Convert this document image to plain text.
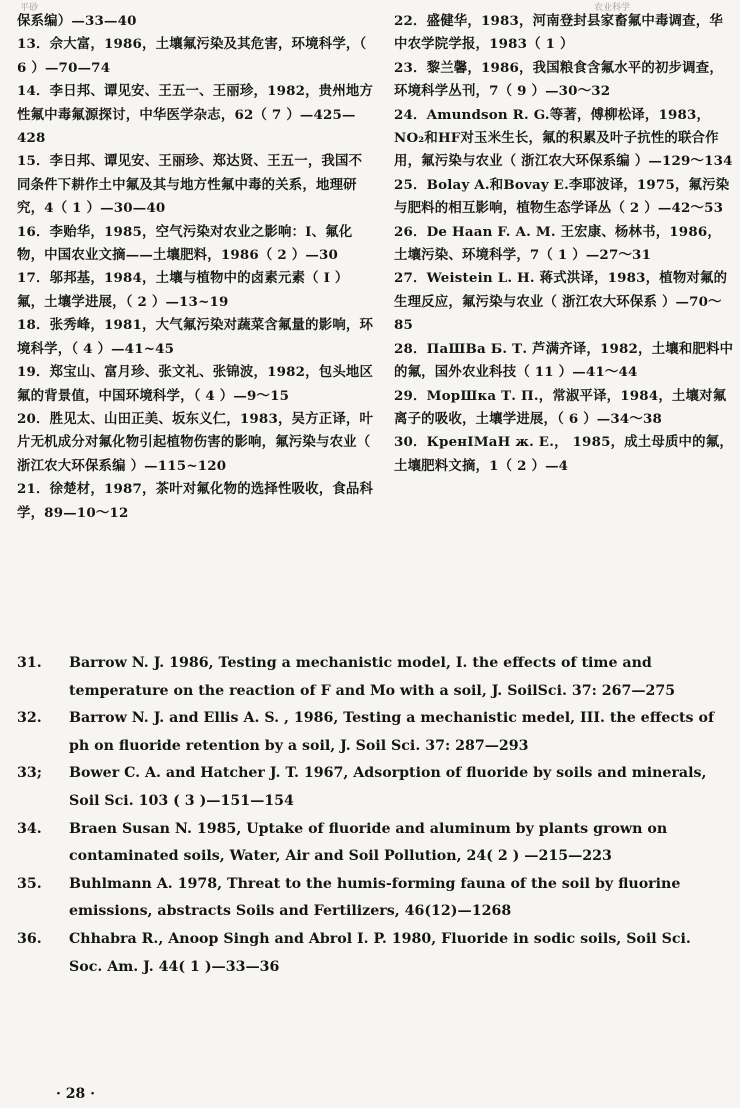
平砂	农业科学

保系编）—33—40

13．佘大富，1986，土壤氟污染及其危害，环境科学，（ 6 ）—70—74

14．李日邦、谭见安、王五一、王丽珍，1982，贵州地方性氟中毒氟源探讨，中华医学杂志，62（ 7 ）—425—428

15．李日邦、谭见安、王丽珍、郑达贤、王五一，我国不同条件下耕作土中氟及其与地方性氟中毒的关系，地理研究，4（ 1 ）—30—40

16．李贻华，1985，空气污染对农业之影响：Ⅰ、氟化物，中国农业文摘——土壤肥料，1986（ 2 ）—30

17．邬邦基，1984，土壤与植物中的卤素元素（ I ）氟，土壤学进展，（ 2 ）—13~19

18．张秀峰，1981，大气氟污染对蔬菜含氟量的影响，环境科学，（ 4 ）—41~45

19．郑宝山、富月珍、张文礼、张锦波，1982，包头地区氟的背景值，中国环境科学，（ 4 ）—9～15

20．胜见太、山田正美、坂东义仁，1983，吴方正译，叶片无机成分对氟化物引起植物伤害的影响，氟污染与农业（ 浙江农大环保系编 ）—115~120

21．徐楚材，1987，茶叶对氟化物的选择性吸收，食品科学，89—10～12

22．盛健华，1983，河南登封县家畜氟中毒调查，华中农学院学报，1983（ 1 ）

23．黎兰馨，1986，我国粮食含氟水平的初步调查，环境科学丛刊，7（ 9 ）—30～32

24．Amundson R. G.等著，傅柳松译，1983，NO₂和HF对玉米生长，氟的积累及叶子抗性的联合作用，氟污染与农业（ 浙江农大环保系编 ）—129～134

25．Bolay A.和Bovay E.李耶波译，1975，氟污染与肥料的相互影响，植物生态学译丛（ 2 ）—42～53

26．De Haan F. A. M. 王宏康、杨林书，1986，土壤污染、环境科学，7（ 1 ）—27～31

27．Weistein L. H. 蒋式洪译，1983，植物对氟的生理反应，氟污染与农业（ 浙江农大环保系 ）—70～85

28．ПаШВа Б. Т. 芦满齐译，1982，土壤和肥料中的氟，国外农业科技（ 11 ）—41～44

29．МорШка Т. П.，常淑平译，1984，土壤对氟离子的吸收，土壤学进展，（ 6 ）—34～38

30．КренIМаН ж. Е.， 1985，成土母质中的氟，土壤肥料文摘，1（ 2 ）—4

31. Barrow N. J. 1986, Testing a mechanistic model, I. the effects of time and temperature on the reaction of F and Mo with a soil, J. SoilSci. 37: 267—275

32. Barrow N. J. and Ellis A. S. , 1986, Testing a mechanistic medel, III. the effects of ph on fluoride retention by a soil, J. Soil Sci. 37: 287—293

33; Bower C. A. and Hatcher J. T. 1967, Adsorption of fluoride by soils and minerals, Soil Sci. 103 ( 3 )—151—154

34. Braen Susan N. 1985, Uptake of fluoride and aluminum by plants grown on contaminated soils, Water, Air and Soil Pollution, 24( 2 ) —215—223

35. Buhlmann A. 1978, Threat to the humis-forming fauna of the soil by fluorine emissions, abstracts Soils and Fertilizers, 46(12)—1268

36. Chhabra R., Anoop Singh and Abrol I. P. 1980, Fluoride in sodic soils, Soil Sci. Soc. Am. J. 44( 1 )—33—36

· 28 ·
